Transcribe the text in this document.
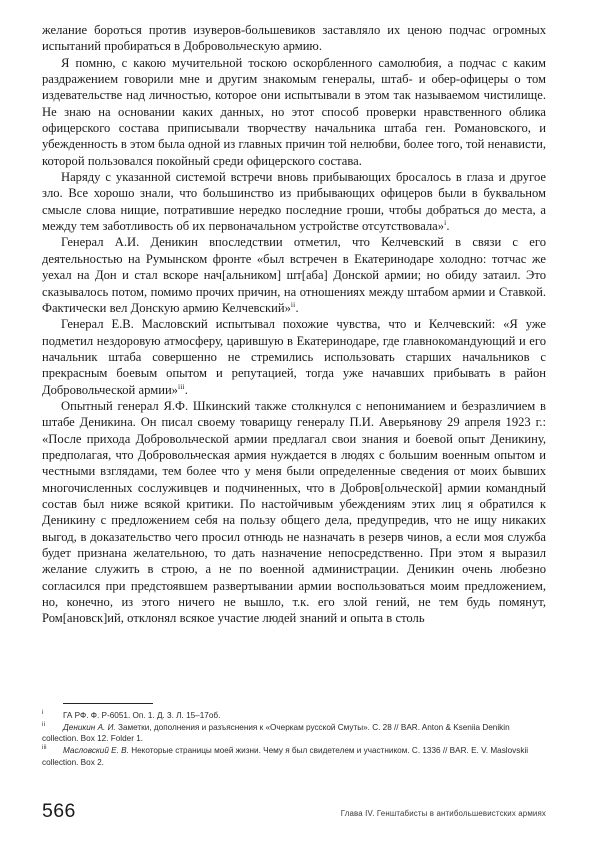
желание бороться против изуверов-большевиков заставляло их ценою подчас огромных испытаний пробираться в Добровольческую армию.

Я помню, с какою мучительной тоскою оскорбленного самолюбия, а подчас с каким раздражением говорили мне и другим знакомым генералы, штаб- и обер-офицеры о том издевательстве над личностью, которое они испытывали в этом так называемом чистилище. Не знаю на основании каких данных, но этот способ проверки нравственного облика офицерского состава приписывали творчеству начальника штаба ген. Романовского, и убежденность в этом была одной из главных причин той нелюбви, более того, той ненависти, которой пользовался покойный среди офицерского состава.

Наряду с указанной системой встречи вновь прибывающих бросалось в глаза и другое зло. Все хорошо знали, что большинство из прибывающих офицеров были в буквальном смысле слова нищие, потратившие нередко последние гроши, чтобы добраться до места, а между тем заботливость об их первоначальном устройстве отсутствовала»$^i$.

Генерал А.И. Деникин впоследствии отметил, что Келчевский в связи с его деятельностью на Румынском фронте «был встречен в Екатеринодаре холодно: тотчас же уехал на Дон и стал вскоре нач[альником] шт[аба] Донской армии; но обиду затаил. Это сказывалось потом, помимо прочих причин, на отношениях между штабом армии и Ставкой. Фактически вел Донскую армию Келчевский»$^{ii}$.

Генерал Е.В. Масловский испытывал похожие чувства, что и Келчевский: «Я уже подметил нездоровую атмосферу, царившую в Екатеринодаре, где главнокомандующий и его начальник штаба совершенно не стремились использовать старших начальников с прекрасным боевым опытом и репутацией, тогда уже начавших прибывать в район Добровольческой армии»$^{iii}$.

Опытный генерал Я.Ф. Шкинский также столкнулся с непониманием и безразличием в штабе Деникина. Он писал своему товарищу генералу П.И. Аверьянову 29 апреля 1923 г.: «После прихода Добровольческой армии предлагал свои знания и боевой опыт Деникину, предполагая, что Добровольческая армия нуждается в людях с большим военным опытом и честными взглядами, тем более что у меня были определенные сведения от моих бывших многочисленных сослуживцев и подчиненных, что в Добров[ольческой] армии командный состав был ниже всякой критики. По настойчивым убеждениям этих лиц я обратился к Деникину с предложением себя на пользу общего дела, предупредив, что не ищу никаких выгод, в доказательство чего просил отнюдь не назначать в резерв чинов, а если моя служба будет признана желательною, то дать назначение непосредственно. При этом я выразил желание служить в строю, а не по военной администрации. Деникин очень любезно согласился при предстоявшем развертывании армии воспользоваться моим предложением, но, конечно, из этого ничего не вышло, т.к. его злой гений, не тем будь помянут, Ром[ановск]ий, отклонял всякое участие людей знаний и опыта в столь

i ГА РФ. Ф. Р-6051. Оп. 1. Д. 3. Л. 15–17об.

ii Деникин А. И. Заметки, дополнения и разъяснения к «Очеркам русской Смуты». С. 28 // BAR. Anton & Kseniia Denikin collection. Box 12. Folder 1.

iii Масловский Е. В. Некоторые страницы моей жизни. Чему я был свидетелем и участником. С. 1336 // BAR. E. V. Maslovskii collection. Box 2.

566	Глава IV. Генштабисты в антибольшевистских армиях
